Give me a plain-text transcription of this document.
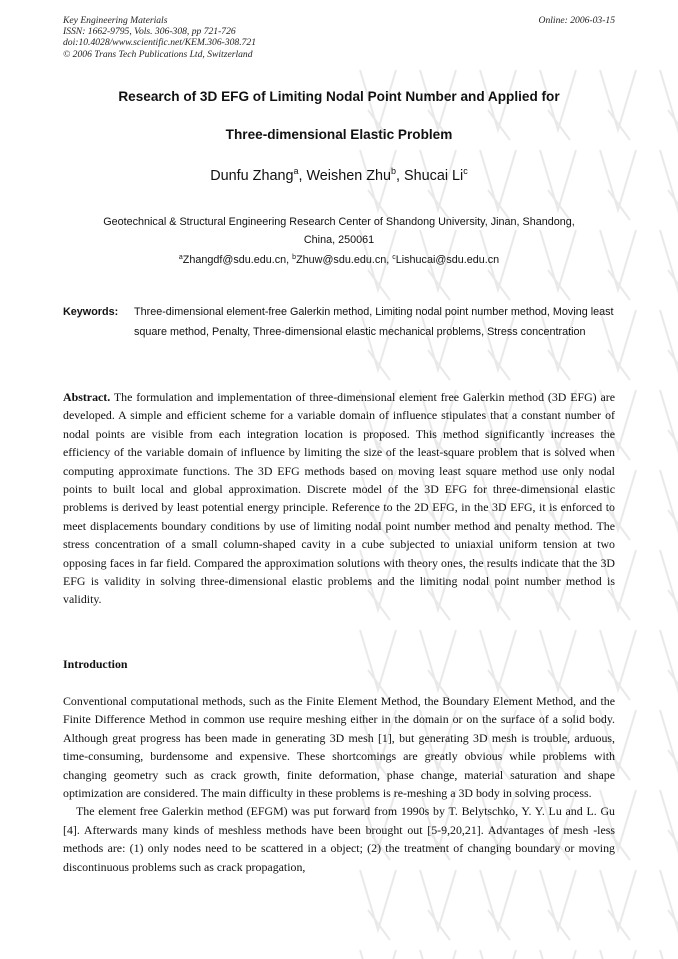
Key Engineering Materials
ISSN: 1662-9795, Vols. 306-308, pp 721-726
doi:10.4028/www.scientific.net/KEM.306-308.721
© 2006 Trans Tech Publications Ltd, Switzerland
Online: 2006-03-15
Research of 3D EFG of Limiting Nodal Point Number and Applied for
Three-dimensional Elastic Problem
Dunfu Zhang$^a$, Weishen Zhu$^b$, Shucai Li$^c$
Geotechnical & Structural Engineering Research Center of Shandong University, Jinan, Shandong,
China, 250061
$^a$Zhangdf@sdu.edu.cn, $^b$Zhuw@sdu.edu.cn, $^c$Lishucai@sdu.edu.cn
Keywords:	Three-dimensional element-free Galerkin method, Limiting nodal point number method, Moving least square method, Penalty, Three-dimensional elastic mechanical problems, Stress concentration
Abstract. The formulation and implementation of three-dimensional element free Galerkin method (3D EFG) are developed. A simple and efficient scheme for a variable domain of influence stipulates that a constant number of nodal points are visible from each integration location is proposed. This method significantly increases the efficiency of the variable domain of influence by limiting the size of the least-square problem that is solved when computing approximate functions. The 3D EFG methods based on moving least square method use only nodal points to built local and global approximation. Discrete model of the 3D EFG for three-dimensional elastic problems is derived by least potential energy principle. Reference to the 2D EFG, in the 3D EFG, it is enforced to meet displacements boundary conditions by use of limiting nodal point number method and penalty method. The stress concentration of a small column-shaped cavity in a cube subjected to uniaxial uniform tension at two opposing faces in far field. Compared the approximation solutions with theory ones, the results indicate that the 3D EFG is validity in solving three-dimensional elastic problems and the limiting nodal point number method is validity.
Introduction

Conventional computational methods, such as the Finite Element Method, the Boundary Element Method, and the Finite Difference Method in common use require meshing either in the domain or on the surface of a solid body. Although great progress has been made in generating 3D mesh [1], but generating 3D mesh is trouble, arduous, time-consuming, burdensome and expensive. These shortcomings are greatly obvious while problems with changing geometry such as crack growth, finite deformation, phase change, material saturation and shape optimization are considered. The main difficulty in these problems is re-meshing a 3D body in solving process.

The element free Galerkin method (EFGM) was put forward from 1990s by T. Belytschko, Y. Y. Lu and L. Gu [4]. Afterwards many kinds of meshless methods have been brought out [5-9,20,21]. Advantages of mesh -less methods are: (1) only nodes need to be scattered in a object; (2) the treatment of changing boundary or moving discontinuous problems such as crack propagation,
